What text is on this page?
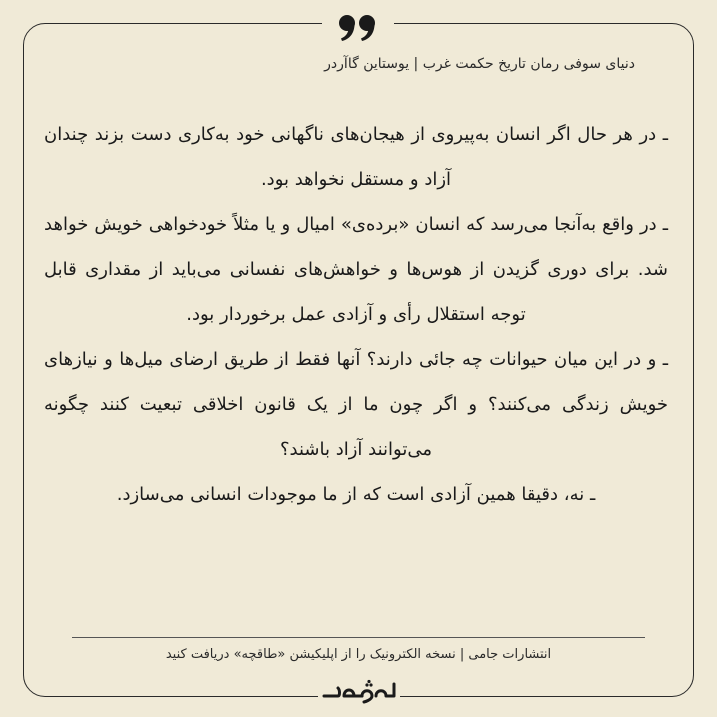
دنیای سوفی رمان تاریخ حکمت غرب | یوستاین گاآردر

ـ در هر حال اگر انسان به‌پیروی از هیجان‌های ناگهانی خود به‌کاری دست بزند چندان آزاد و مستقل نخواهد بود.

ـ در واقع به‌آنجا می‌رسد که انسان «برده‌ی» امیال و یا مثلاً خودخواهی خویش خواهد شد. برای دوری گزیدن از هوس‌ها و خواهش‌های نفسانی می‌باید از مقداری قابل توجه استقلال رأی و آزادی عمل برخوردار بود.

ـ و در این میان حیوانات چه جائی دارند؟ آنها فقط از طریق ارضای میل‌ها و نیازهای خویش زندگی می‌کنند؟ و اگر چون ما از یک قانون اخلاقی تبعیت کنند چگونه می‌توانند آزاد باشند؟

ـ نه، دقیقا همین آزادی است که از ما موجودات انسانی می‌سازد.

انتشارات جامی | نسخه الکترونیک را از اپلیکیشن «طاقچه» دریافت کنید
